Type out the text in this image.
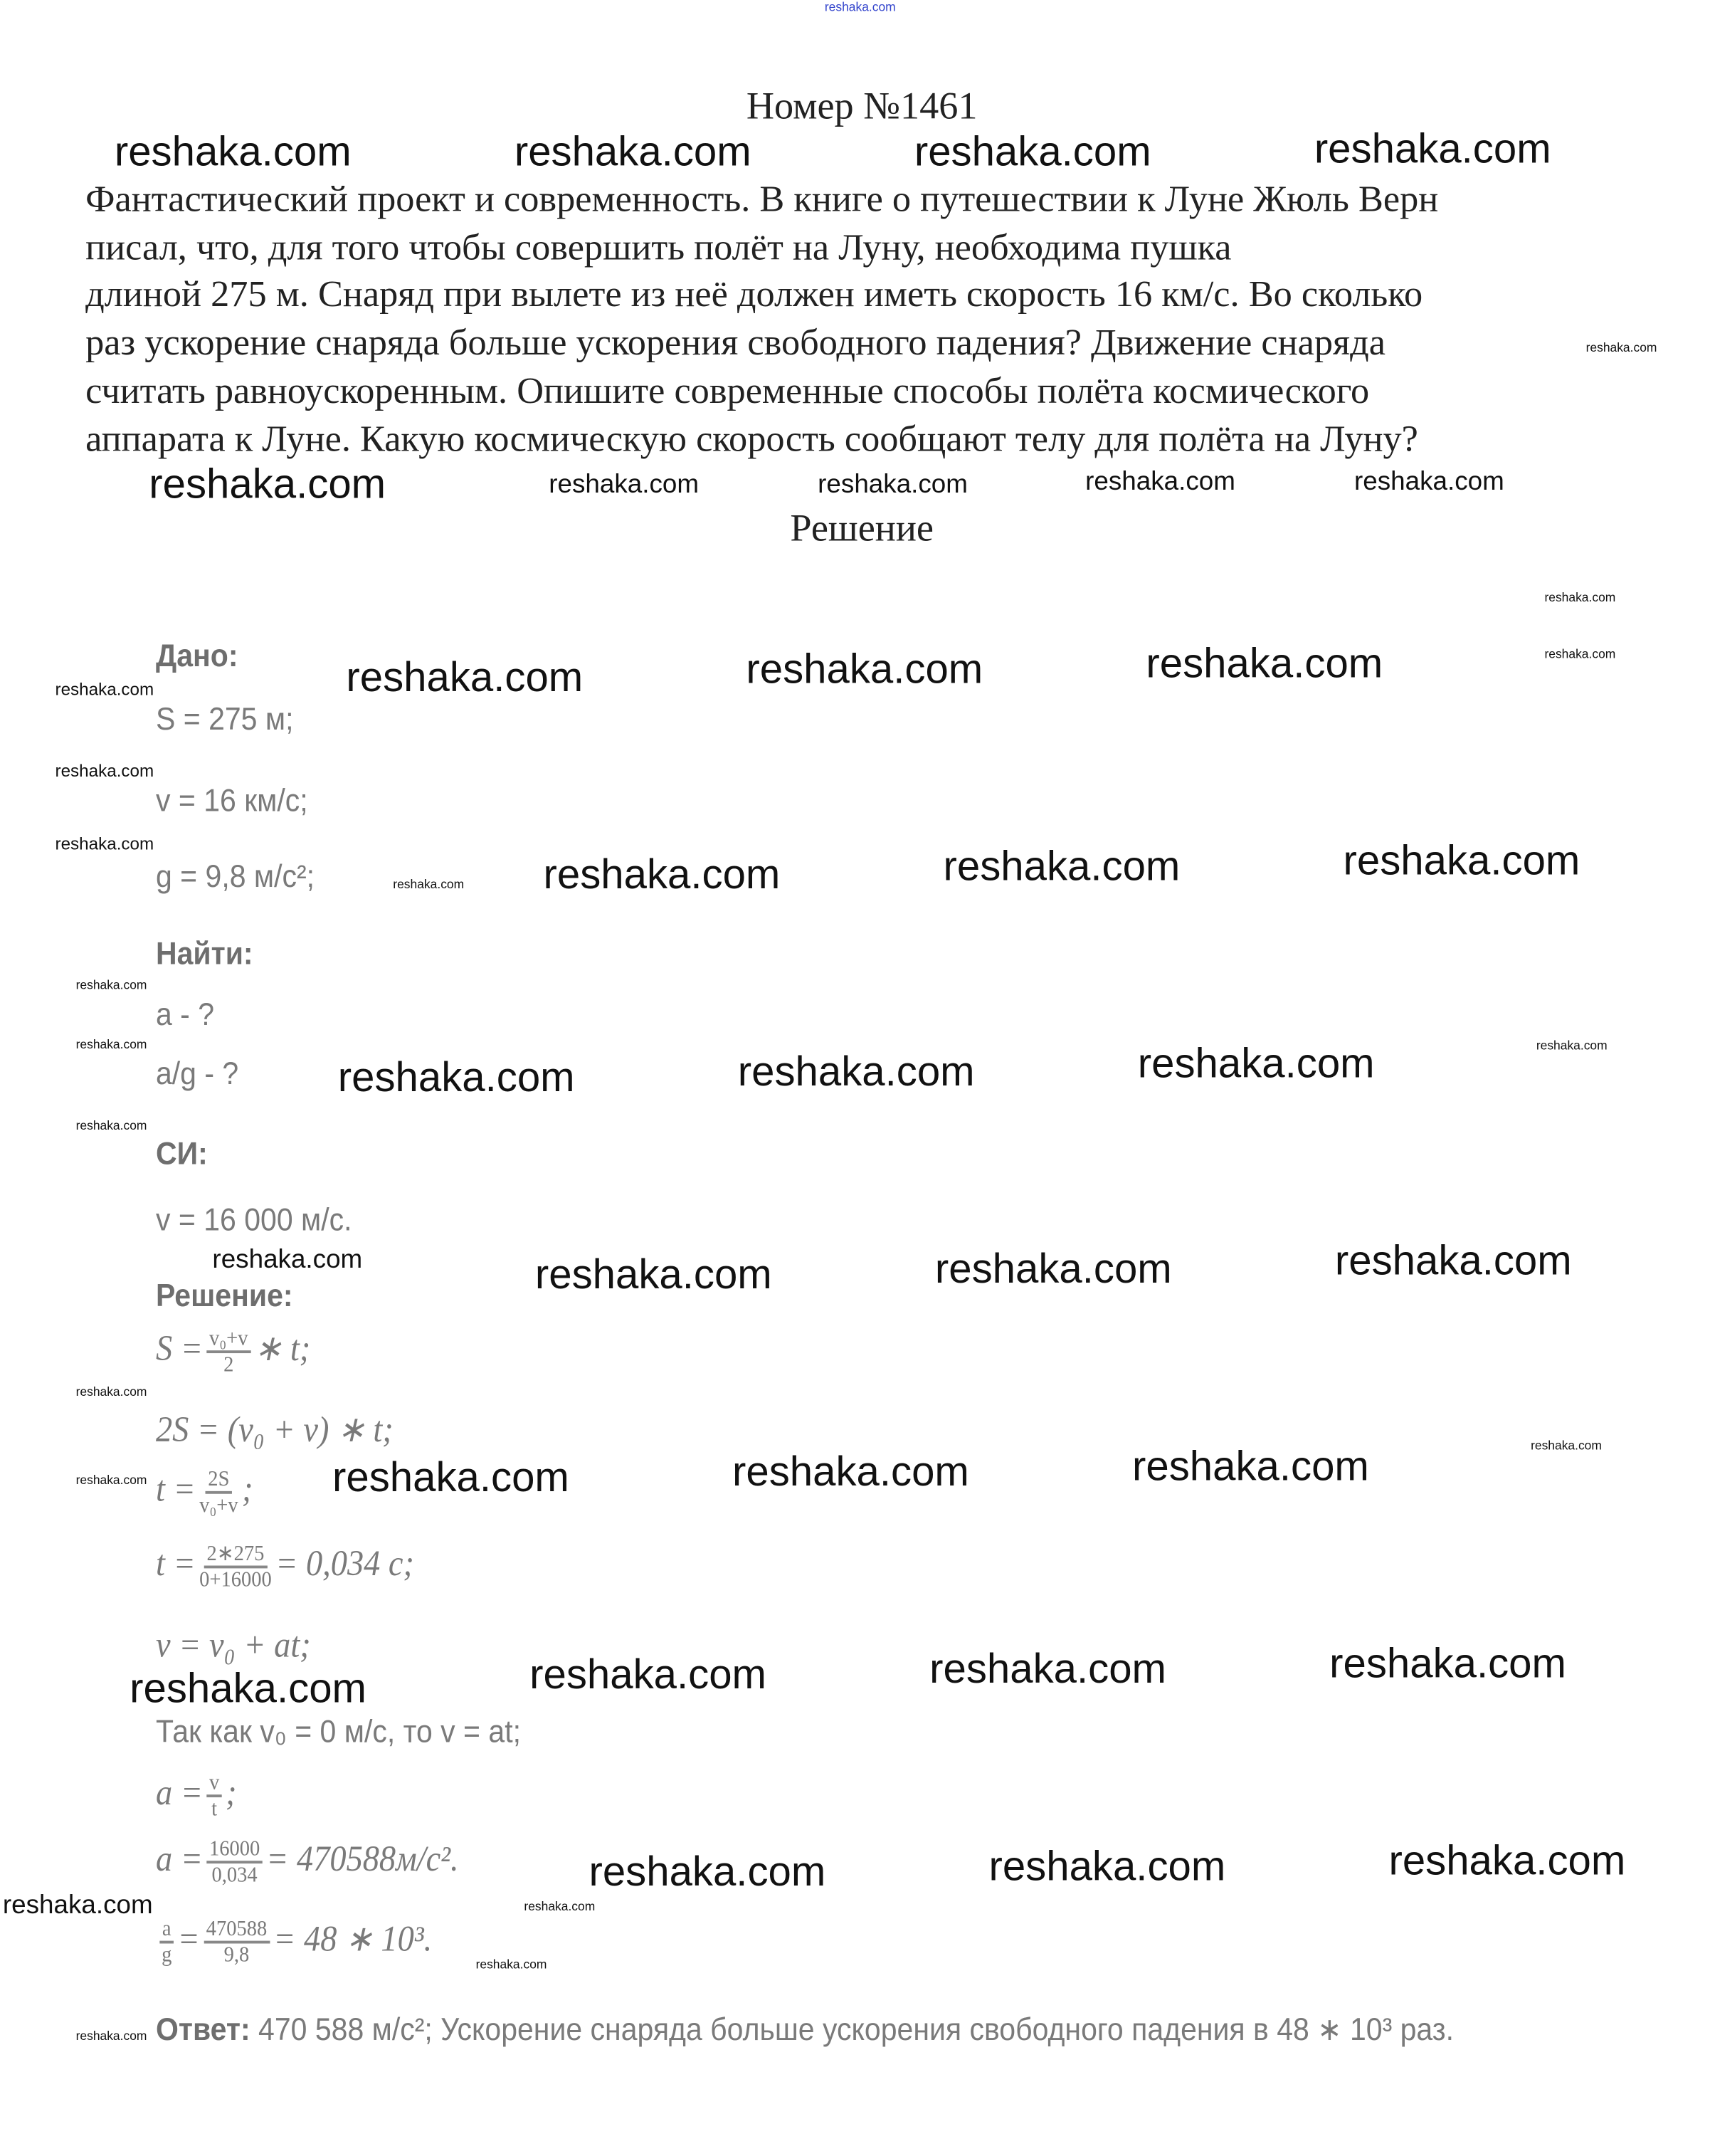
reshaka.com
Номер №1461
Фантастический проект и современность. В книге о путешествии к Луне Жюль Верн
писал, что, для того чтобы совершить полёт на Луну, необходима пушка
длиной 275 м. Снаряд при вылете из неё должен иметь скорость 16 км/с. Во сколько
раз ускорение снаряда больше ускорения свободного падения? Движение снаряда
считать равноускоренным. Опишите современные способы полёта космического
аппарата к Луне. Какую космическую скорость сообщают телу для полёта на Луну?
Решение
Дано:
S = 275 м;
v = 16 км/с;
g = 9,8 м/с²;
Найти:
a - ?
a/g - ?
СИ:
v = 16 000 м/с.
Решение:
$S = \frac{\text{v₀+v}}{2}$ ∗ t;
2S = (v₀ + v) ∗ t;
$t = \frac{2S}{\text{v₀+v}}$ ;
$t = \frac{2∗275}{0+16000} = 0,034$ с;
v = v₀ + at;
Так как v₀ = 0 м/с, то v = at;
$a = \frac{v}{t}$ ;
$a = \frac{16000}{0,034} = 470588м/с^2$.
$\frac{a}{g} = \frac{470588}{9,8} = 48$ ∗ 10³.
Ответ: 470 588 м/с²; Ускорение снаряда больше ускорения свободного падения в 48 ∗ 10³ раз.
reshaka.com	reshaka.com	reshaka.com	reshaka.com
reshaka.com	reshaka.com	reshaka.com	reshaka.com	reshaka.com
reshaka.com
reshaka.com
reshaka.com
reshaka.com
reshaka.com
reshaka.com
reshaka.com
reshaka.com	reshaka.com	reshaka.com
reshaka.com	reshaka.com	reshaka.com
reshaka.com
reshaka.com
reshaka.com
reshaka.com
reshaka.com	reshaka.com	reshaka.com
reshaka.com	reshaka.com	reshaka.com	reshaka.com
reshaka.com
reshaka.com
reshaka.com
reshaka.com	reshaka.com	reshaka.com
reshaka.com	reshaka.com	reshaka.com	reshaka.com
reshaka.com	reshaka.com	reshaka.com
reshaka.com	reshaka.com
reshaka.com
reshaka.com
